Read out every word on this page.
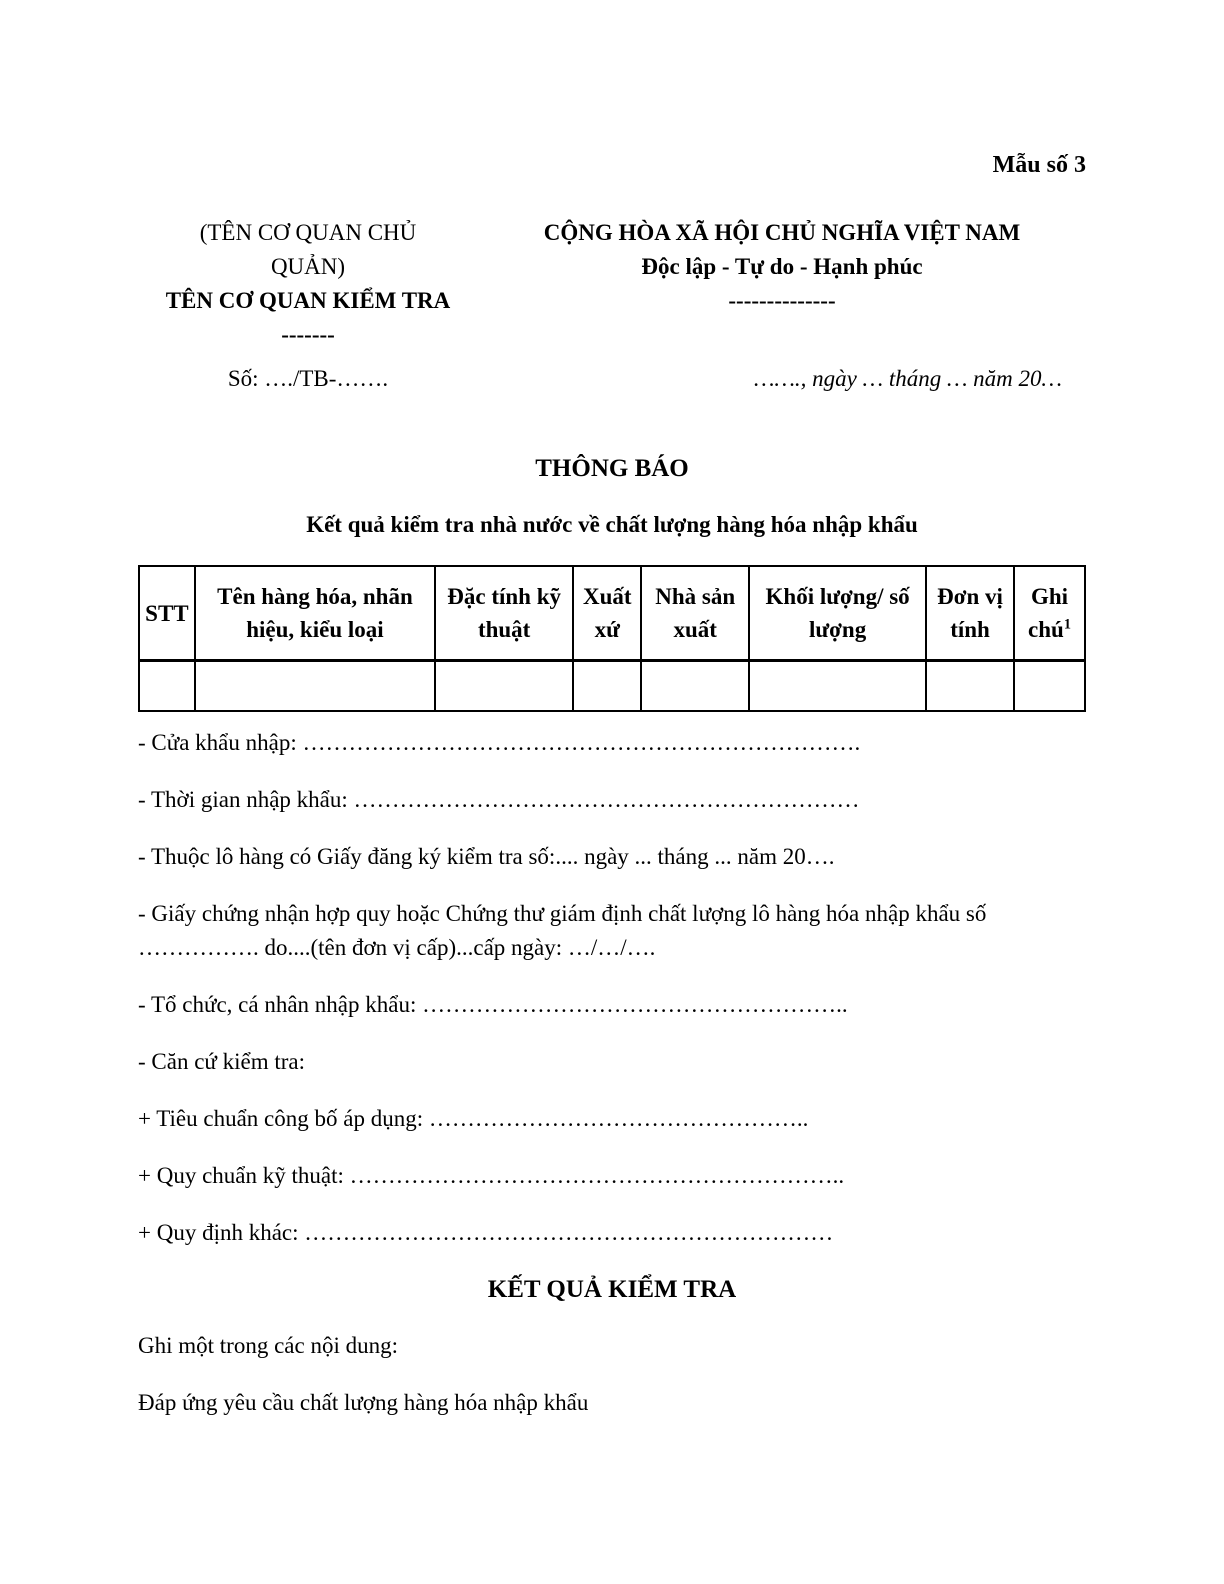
Mẫu số 3
(TÊN CƠ QUAN CHỦ QUẢN)
TÊN CƠ QUAN KIỂM TRA
-------
CỘNG HÒA XÃ HỘI CHỦ NGHĨA VIỆT NAM
Độc lập - Tự do - Hạnh phúc
--------------
Số: …./TB-…….	……., ngày … tháng … năm 20…
THÔNG BÁO
Kết quả kiểm tra nhà nước về chất lượng hàng hóa nhập khẩu
STT	Tên hàng hóa, nhãn hiệu, kiểu loại	Đặc tính kỹ thuật	Xuất xứ	Nhà sản xuất	Khối lượng/ số lượng	Đơn vị tính	Ghi chú$^1$

- Cửa khẩu nhập: ……………………………………………………………….

- Thời gian nhập khẩu: …………………………………………………………

- Thuộc lô hàng có Giấy đăng ký kiểm tra số:.... ngày ... tháng ... năm 20….

- Giấy chứng nhận hợp quy hoặc Chứng thư giám định chất lượng lô hàng hóa nhập khẩu số ……………. do....(tên đơn vị cấp)...cấp ngày: …/…/….

- Tổ chức, cá nhân nhập khẩu: ………………………………………………..

- Căn cứ kiểm tra:

+ Tiêu chuẩn công bố áp dụng: …………………………………………..

+ Quy chuẩn kỹ thuật: ………………………………………………………..

+ Quy định khác: ……………………………………………………………

KẾT QUẢ KIỂM TRA

Ghi một trong các nội dung:

Đáp ứng yêu cầu chất lượng hàng hóa nhập khẩu
